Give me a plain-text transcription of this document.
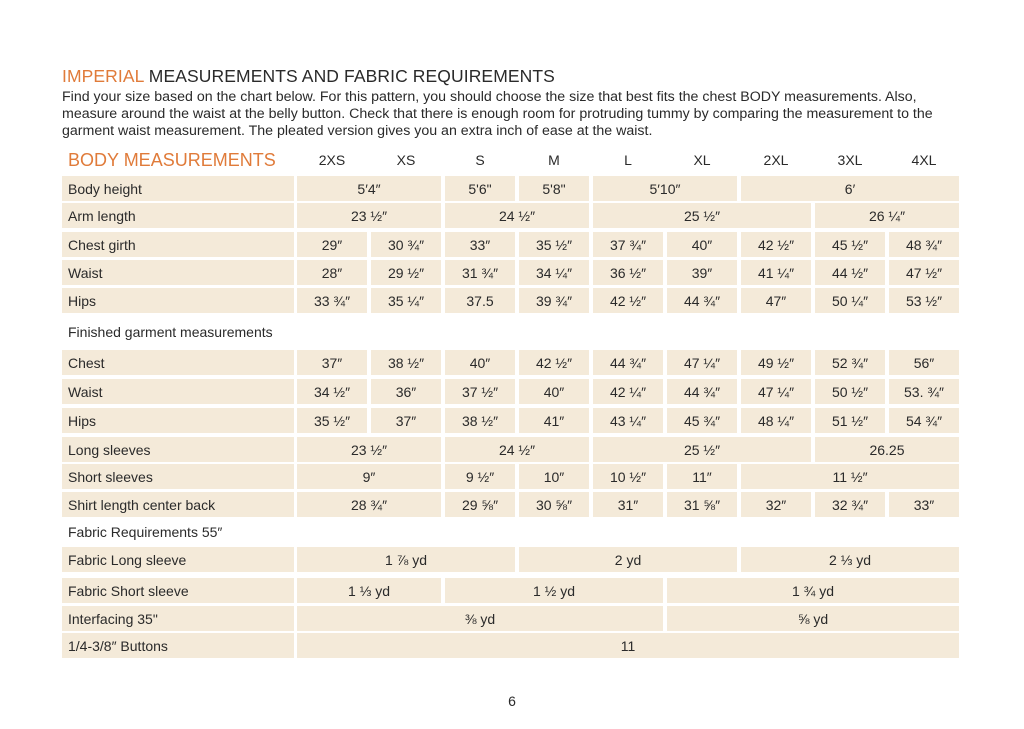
IMPERIAL MEASUREMENTS AND FABRIC REQUIREMENTS
Find your size based on the chart below. For this pattern, you should choose the size that best fits the chest BODY measurements. Also, measure around the waist at the belly button. Check that there is enough room for protruding tummy by comparing the measurement to the garment waist measurement. The pleated version gives you an extra inch of ease at the waist.
BODY MEASUREMENTS	2XS	XS	S	M	L	XL	2XL	3XL	4XL
Finished garment measurements
Fabric Requirements 55″
Body height	5′4″	5'6"	5'8"	5′10″	6′
Arm length	23 ½″	24 ½″	25 ½″	26 ¼″
Chest girth	29″	30 ¾″	33″	35 ½″	37 ¾″	40″	42 ½″	45 ½″	48 ¾″
Waist	28″	29 ½″	31 ¾″	34 ¼″	36 ½″	39″	41 ¼″	44 ½″	47 ½″
Hips	33 ¾″	35 ¼″	37.5	39 ¾″	42 ½″	44 ¾″	47″	50 ¼″	53 ½″
Chest	37″	38 ½″	40″	42 ½″	44 ¾″	47 ¼″	49 ½″	52 ¾″	56″
Waist	34 ½″	36″	37 ½″	40″	42 ¼″	44 ¾″	47 ¼″	50 ½″	53. ¾″
Hips	35 ½″	37″	38 ½″	41″	43 ¼″	45 ¾″	48 ¼″	51 ½″	54 ¾″
Long sleeves	23 ½″	24 ½″	25 ½″	26.25
Short sleeves	9″	9 ½″	10″	10 ½″	11″	11 ½″
Shirt length center back	28 ¾″	29 ⅝″	30 ⅝″	31″	31 ⅝″	32″	32 ¾″	33″
Fabric Long sleeve	1 ⅞ yd	2 yd	2 ⅓ yd
Fabric Short sleeve	1 ⅓ yd	1 ½ yd	1 ¾ yd
Interfacing 35"	⅜ yd	⅝ yd
1/4-3/8″ Buttons	11
6
